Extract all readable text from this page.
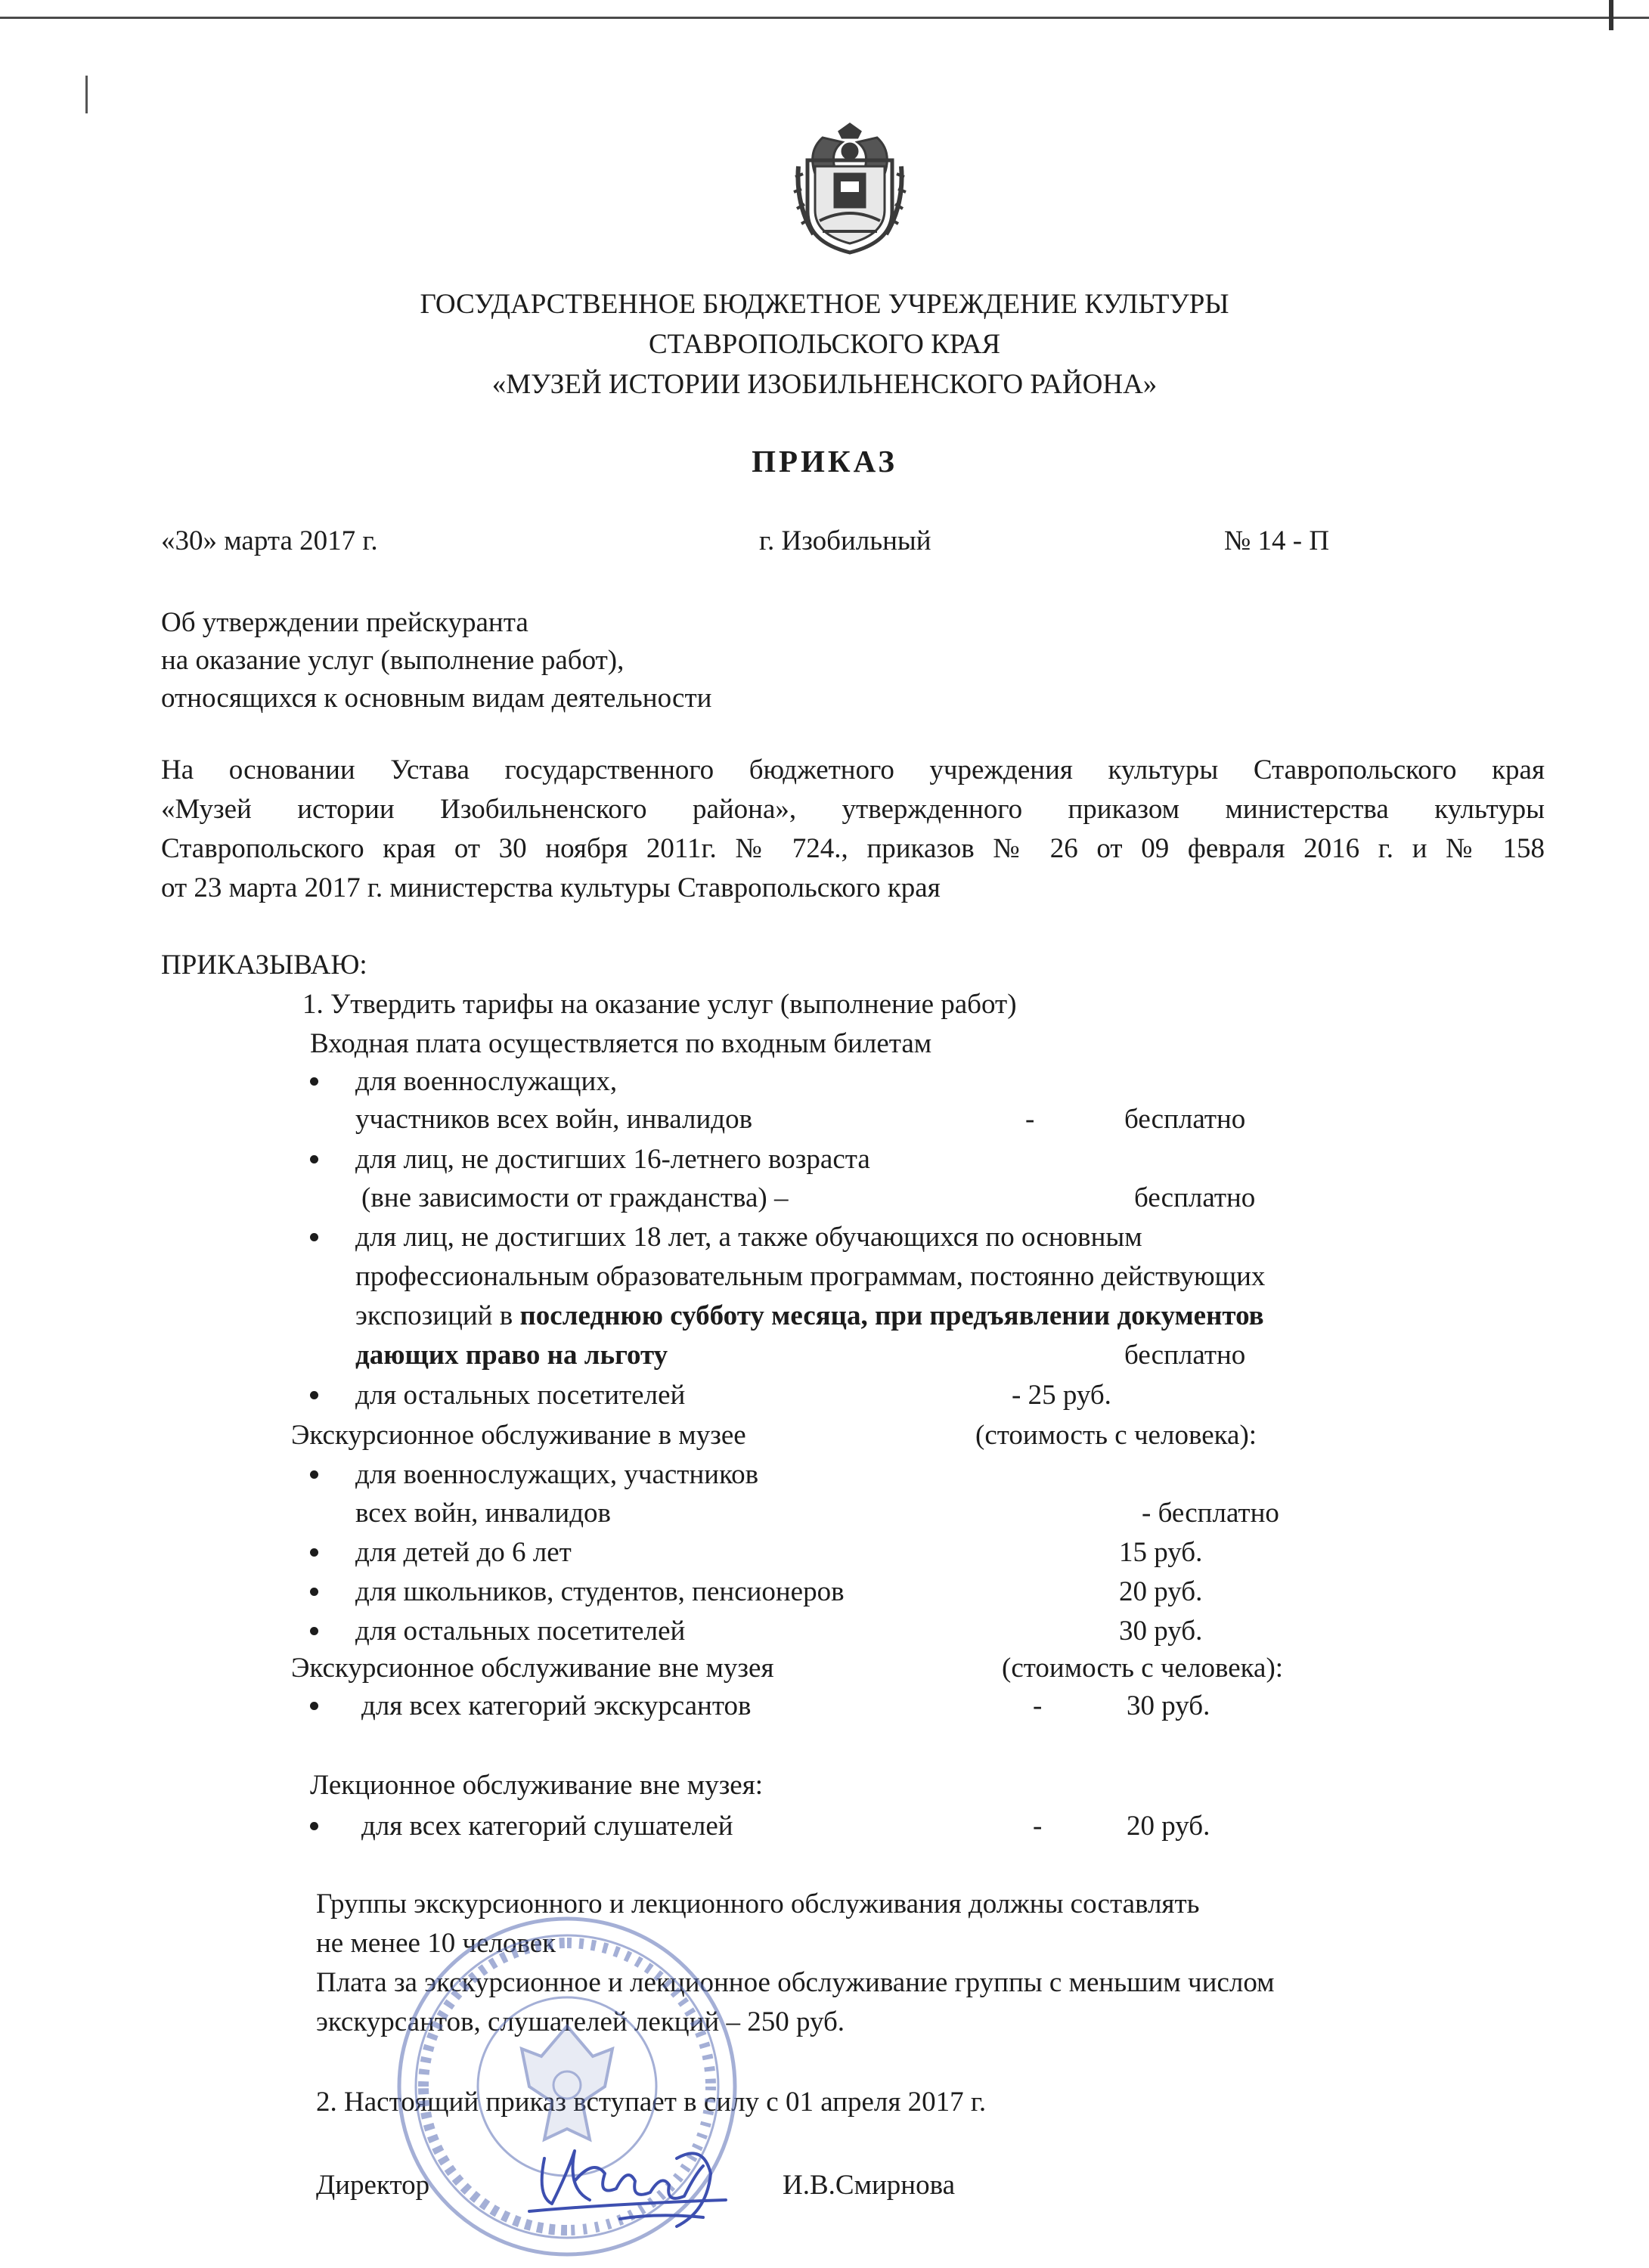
ГОСУДАРСТВЕННОЕ БЮДЖЕТНОЕ УЧРЕЖДЕНИЕ КУЛЬТУРЫ
СТАВРОПОЛЬСКОГО КРАЯ
«МУЗЕЙ ИСТОРИИ ИЗОБИЛЬНЕНСКОГО РАЙОНА»
ПРИКАЗ
«30» марта 2017 г.	г. Изобильный	№ 14 - П
Об утверждении прейскуранта
на оказание услуг (выполнение работ),
относящихся к основным видам деятельности
На основании Устава государственного бюджетного учреждения культуры Ставропольского края
«Музей истории Изобильненского района», утвержденного приказом министерства культуры
Ставропольского края от 30 ноября 2011г. № 724., приказов № 26 от 09 февраля 2016 г. и № 158
от 23 марта 2017 г. министерства культуры Ставропольского края
ПРИКАЗЫВАЮ:
1. Утвердить тарифы на оказание услуг (выполнение работ)
Входная плата осуществляется по входным билетам
для военнослужащих,
участников всех войн, инвалидов	-	бесплатно
для лиц, не достигших 16-летнего возраста
(вне зависимости от гражданства) –	бесплатно
для лиц, не достигших 18 лет, а также обучающихся по основным
профессиональным образовательным программам, постоянно действующих
экспозиций в последнюю субботу месяца, при предъявлении документов
дающих право на льготу	бесплатно
для остальных посетителей	- 25 руб.
Экскурсионное обслуживание в музее	(стоимость с человека):
для военнослужащих, участников
всех войн, инвалидов	- бесплатно
для детей до 6 лет	15 руб.
для школьников, студентов, пенсионеров	20 руб.
для остальных посетителей	30 руб.
Экскурсионное обслуживание вне музея	(стоимость с человека):
для всех категорий экскурсантов	-	30 руб.
Лекционное обслуживание вне музея:
для всех категорий слушателей	-	20 руб.
Группы экскурсионного и лекционного обслуживания должны составлять
не менее 10 человек
Плата за экскурсионное и лекционное обслуживание группы с меньшим числом
экскурсантов, слушателей лекций – 250 руб.
2. Настоящий приказ вступает в силу с 01 апреля 2017 г.
Директор	И.В.Смирнова
